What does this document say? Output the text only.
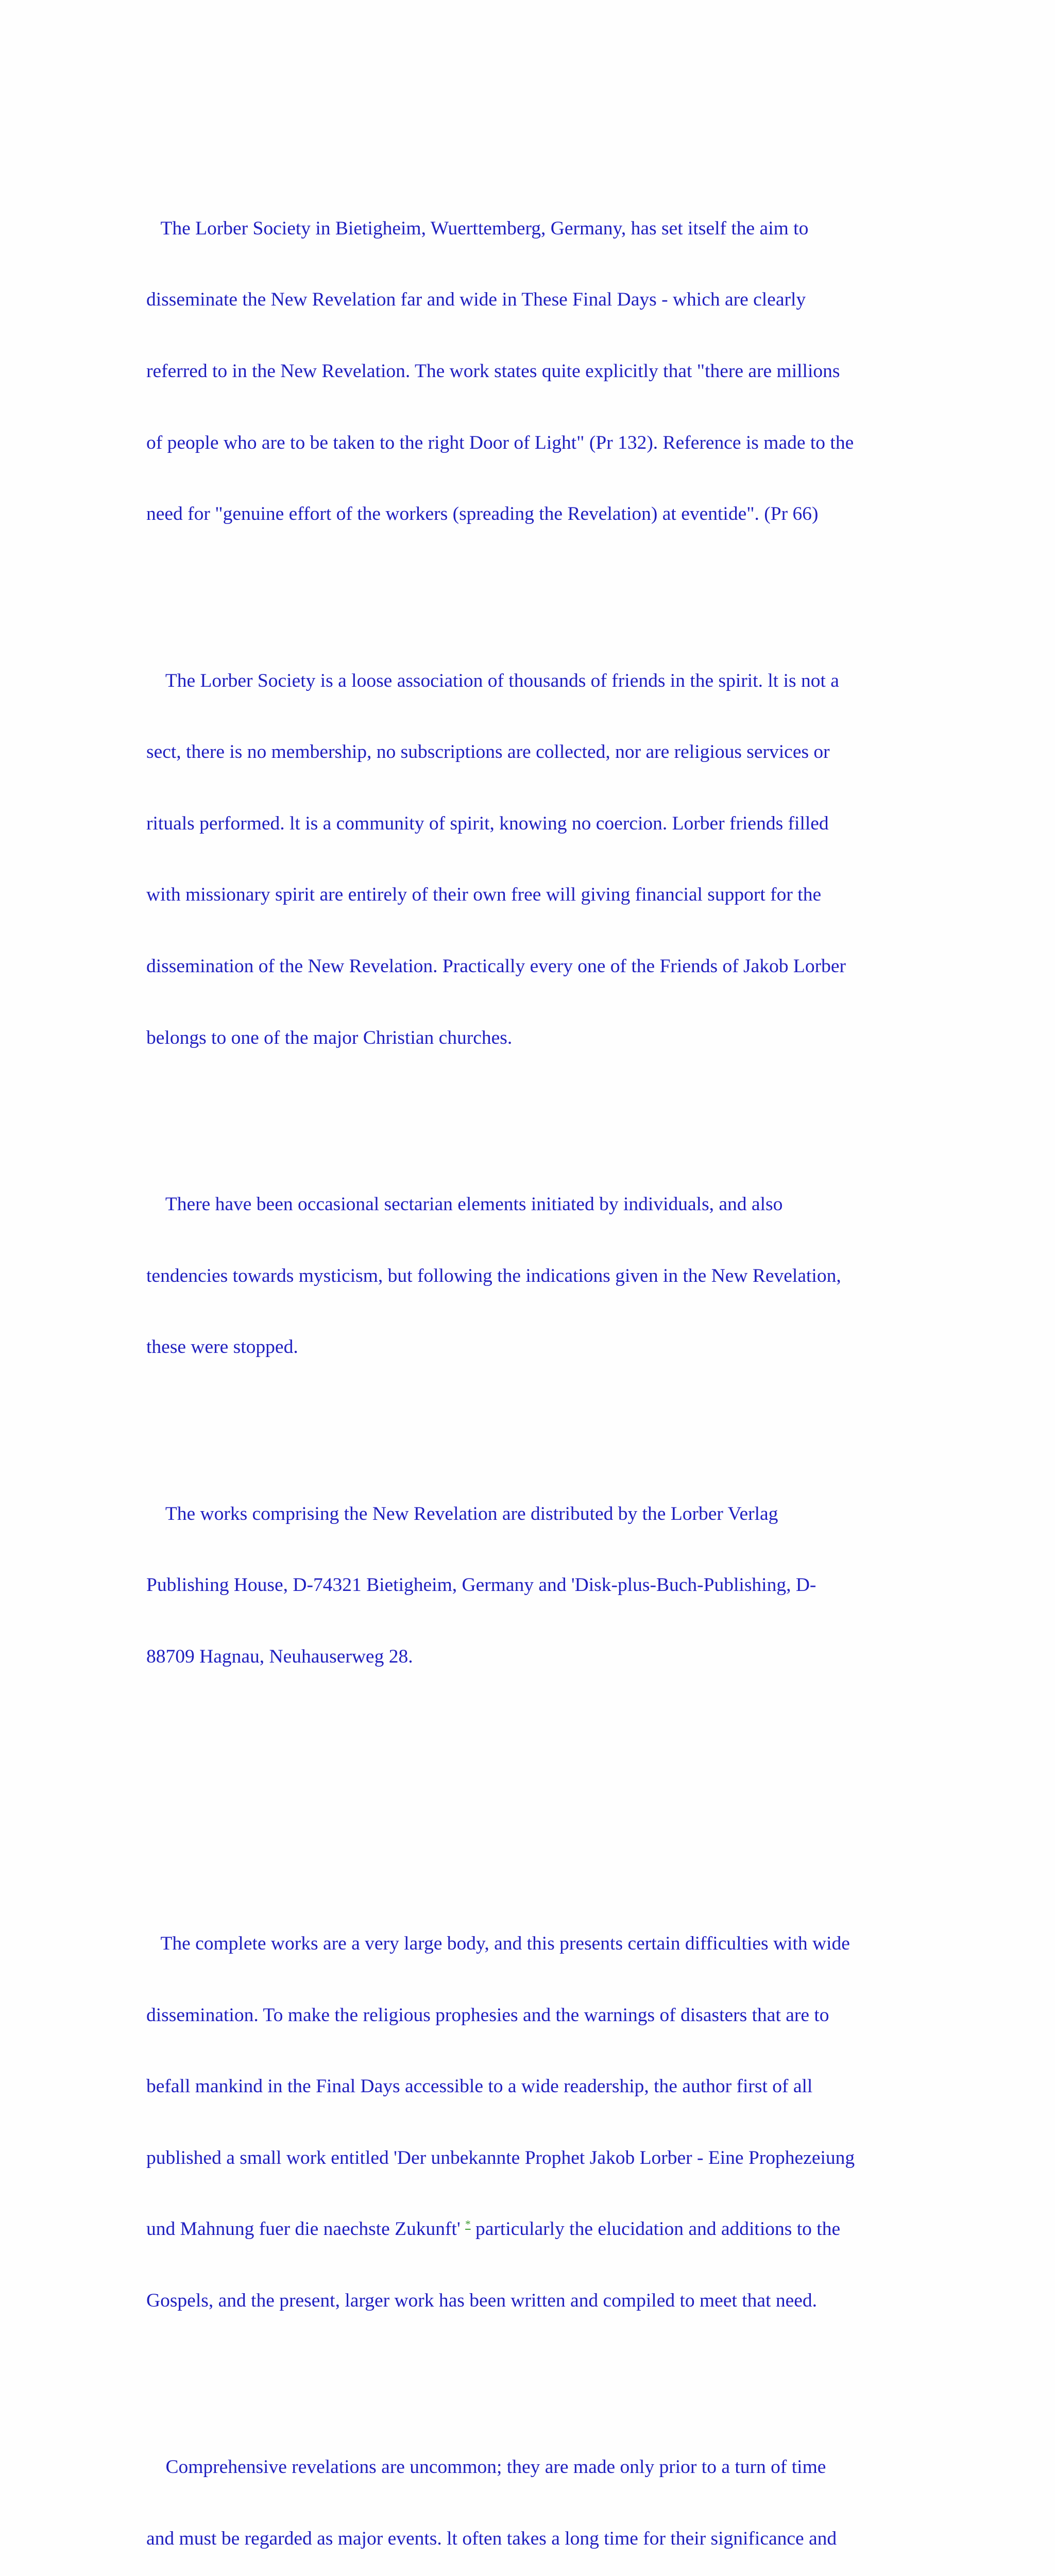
The Lorber Society in Bietigheim, Wuerttemberg, Germany, has set itself the aim to

disseminate the New Revelation far and wide in These Final Days - which are clearly

referred to in the New Revelation. The work states quite explicitly that "there are millions

of people who are to be taken to the right Door of Light" (Pr 132). Reference is made to the

need for "genuine effort of the workers (spreading the Revelation) at eventide". (Pr 66)

The Lorber Society is a loose association of thousands of friends in the spirit. lt is not a

sect, there is no membership, no subscriptions are collected, nor are religious services or

rituals performed. lt is a community of spirit, knowing no coercion. Lorber friends filled

with missionary spirit are entirely of their own free will giving financial support for the

dissemination of the New Revelation. Practically every one of the Friends of Jakob Lorber

belongs to one of the major Christian churches.

There have been occasional sectarian elements initiated by individuals, and also

tendencies towards mysticism, but following the indications given in the New Revelation,

these were stopped.

The works comprising the New Revelation are distributed by the Lorber Verlag

Publishing House, D-74321 Bietigheim, Germany and 'Disk-plus-Buch-Publishing, D-

88709 Hagnau, Neuhauserweg 28.

The complete works are a very large body, and this presents certain difficulties with wide

dissemination. To make the religious prophesies and the warnings of disasters that are to

befall mankind in the Final Days accessible to a wide readership, the author first of all

published a small work entitled 'Der unbekannte Prophet Jakob Lorber - Eine Prophezeiung

und Mahnung fuer die naechste Zukunft' * particularly the elucidation and additions to the

Gospels, and the present, larger work has been written and compiled to meet that need.

Comprehensive revelations are uncommon; they are made only prior to a turn of time

and must be regarded as major events. lt often takes a long time for their significance and
